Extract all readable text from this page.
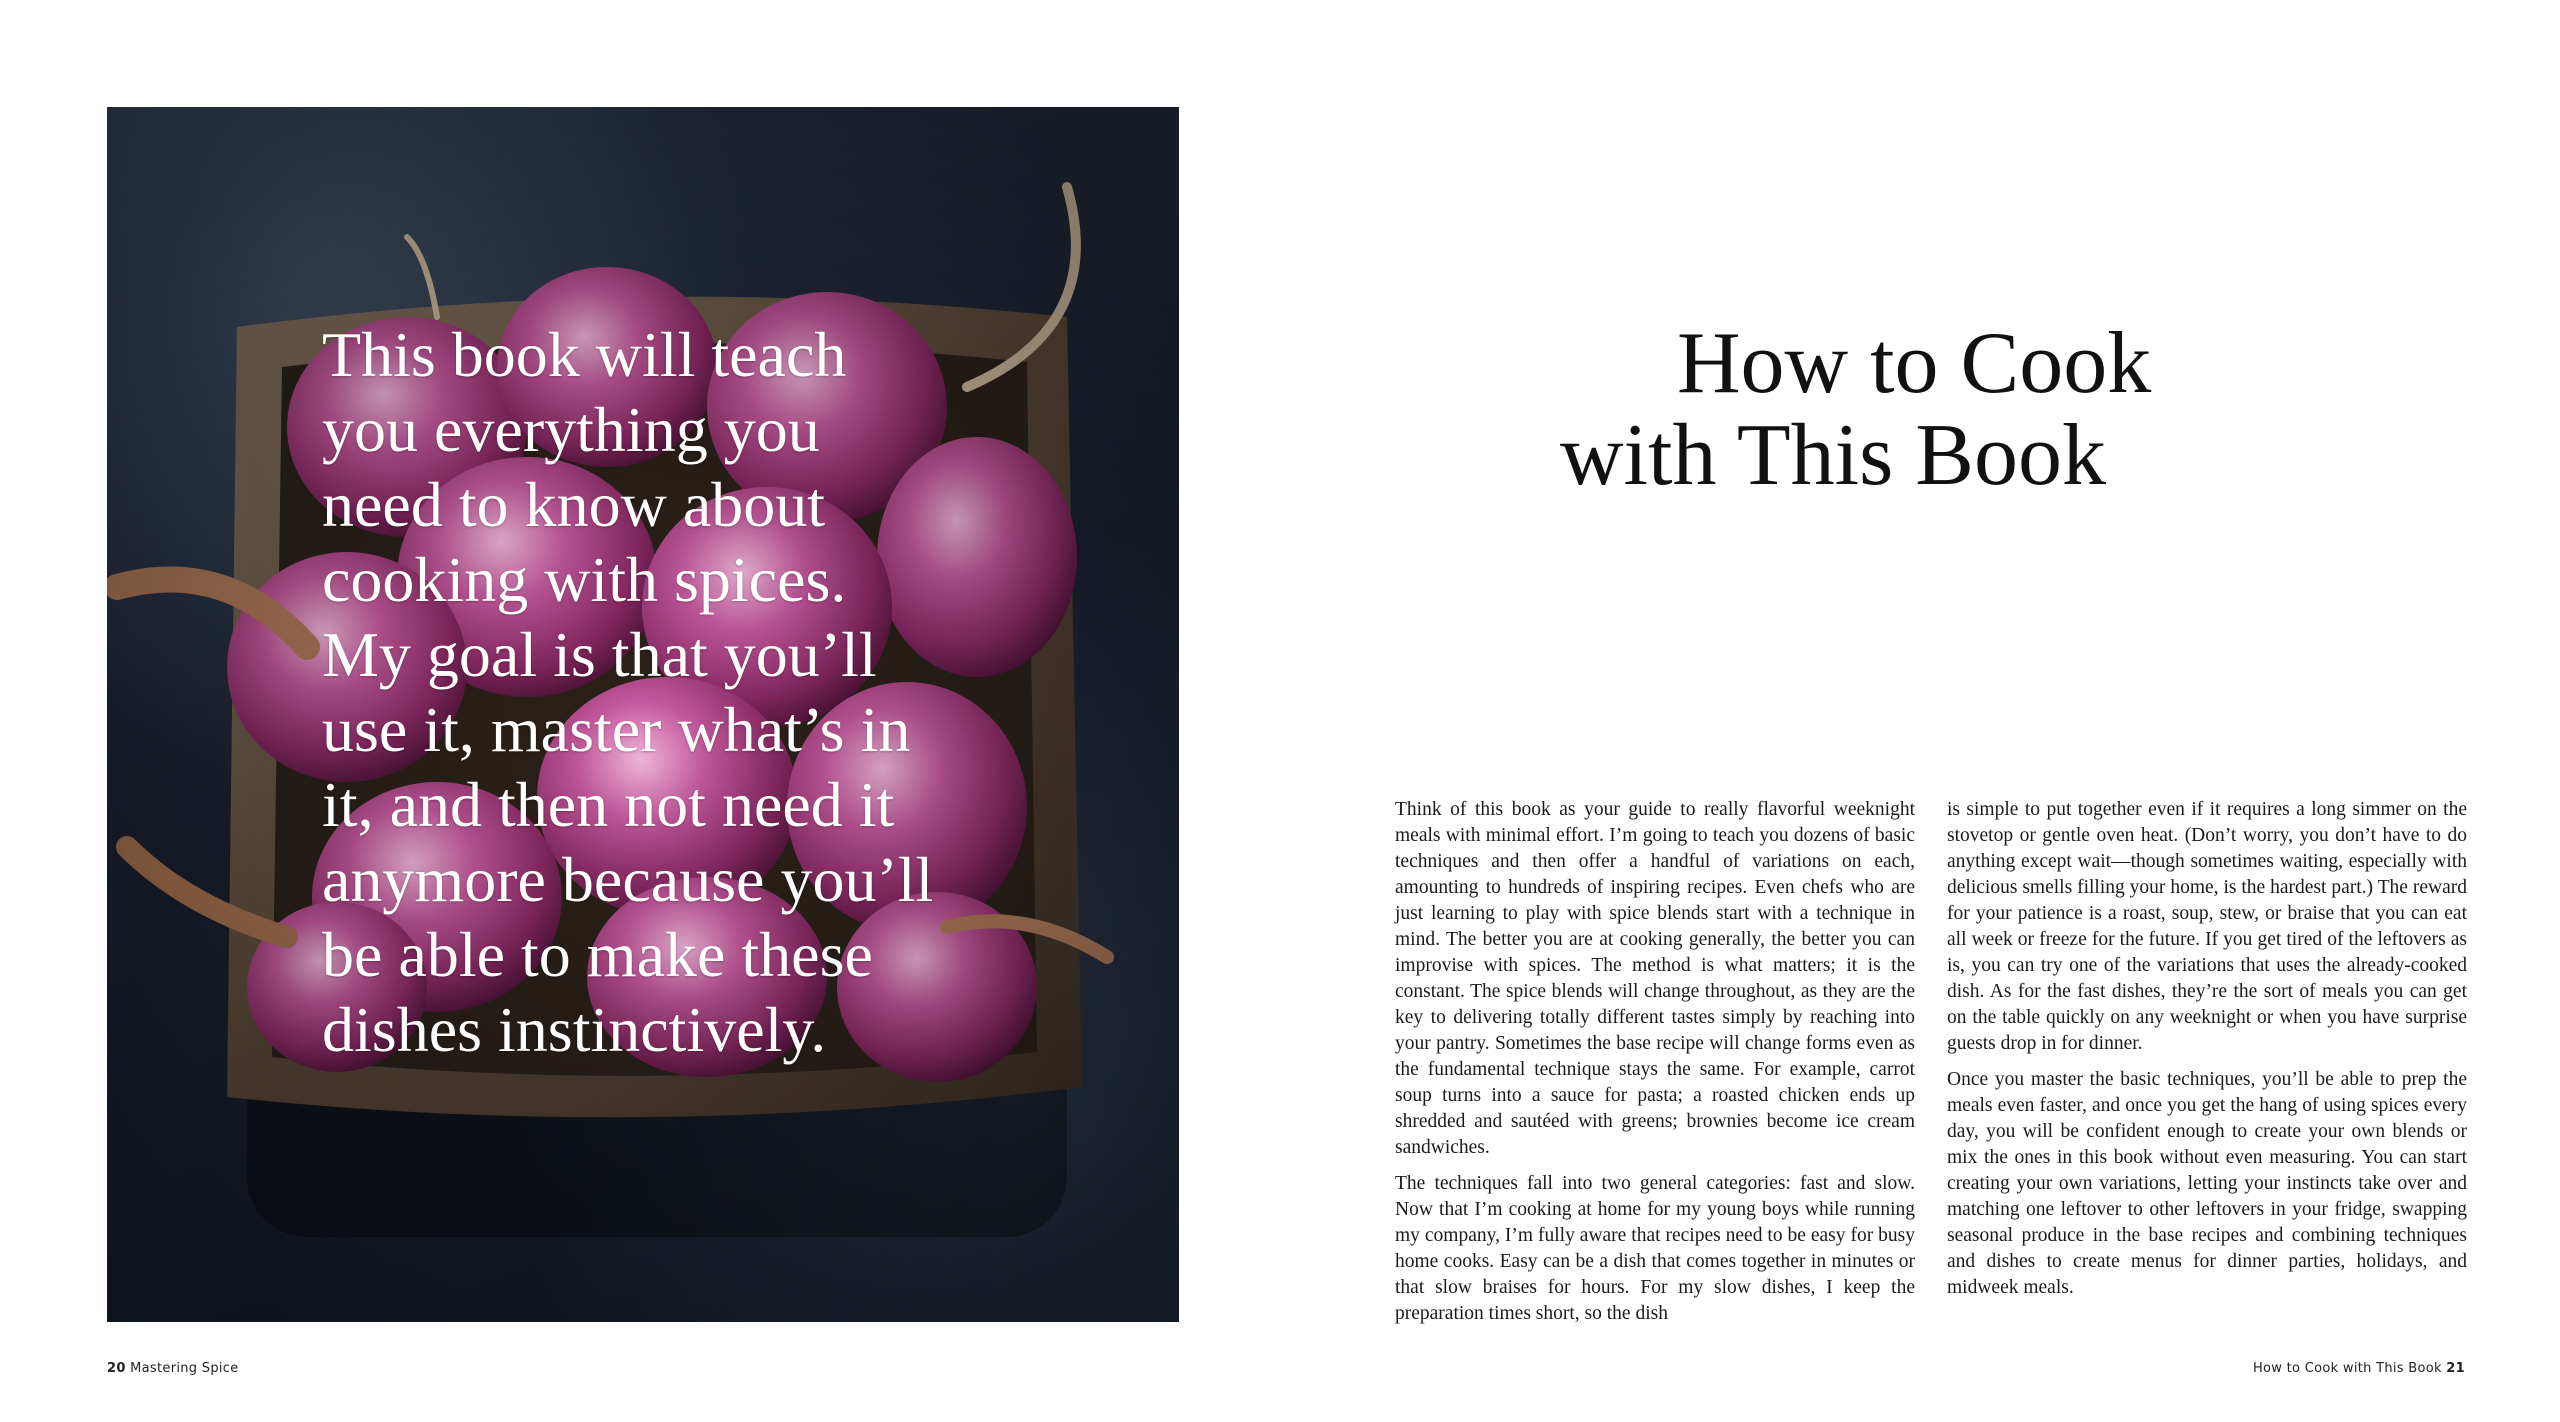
This book will teach
you everything you
need to know about
cooking with spices.
My goal is that you’ll
use it, master what’s in
it, and then not need it
anymore because you’ll
be able to make these
dishes instinctively.

20 Mastering Spice
How to Cook
with This Book

Think of this book as your guide to really flavorful weeknight meals with minimal effort. I’m going to teach you dozens of basic techniques and then offer a handful of variations on each, amounting to hundreds of inspiring recipes. Even chefs who are just learning to play with spice blends start with a technique in mind. The better you are at cooking generally, the better you can improvise with spices. The method is what matters; it is the constant. The spice blends will change throughout, as they are the key to delivering totally different tastes simply by reaching into your pantry. Sometimes the base recipe will change forms even as the fundamental technique stays the same. For example, carrot soup turns into a sauce for pasta; a roasted chicken ends up shredded and sautéed with greens; brownies become ice cream sandwiches.

The techniques fall into two general categories: fast and slow. Now that I’m cooking at home for my young boys while running my company, I’m fully aware that recipes need to be easy for busy home cooks. Easy can be a dish that comes together in minutes or that slow braises for hours. For my slow dishes, I keep the preparation times short, so the dish

is simple to put together even if it requires a long simmer on the stovetop or gentle oven heat. (Don’t worry, you don’t have to do anything except wait—though sometimes waiting, especially with delicious smells filling your home, is the hardest part.) The reward for your patience is a roast, soup, stew, or braise that you can eat all week or freeze for the future. If you get tired of the leftovers as is, you can try one of the variations that uses the already-cooked dish. As for the fast dishes, they’re the sort of meals you can get on the table quickly on any weeknight or when you have surprise guests drop in for dinner.

Once you master the basic techniques, you’ll be able to prep the meals even faster, and once you get the hang of using spices every day, you will be confident enough to create your own blends or mix the ones in this book without even measuring. You can start creating your own variations, letting your instincts take over and matching one leftover to other leftovers in your fridge, swapping seasonal produce in the base recipes and combining techniques and dishes to create menus for dinner parties, holidays, and midweek meals.

How to Cook with This Book 21
